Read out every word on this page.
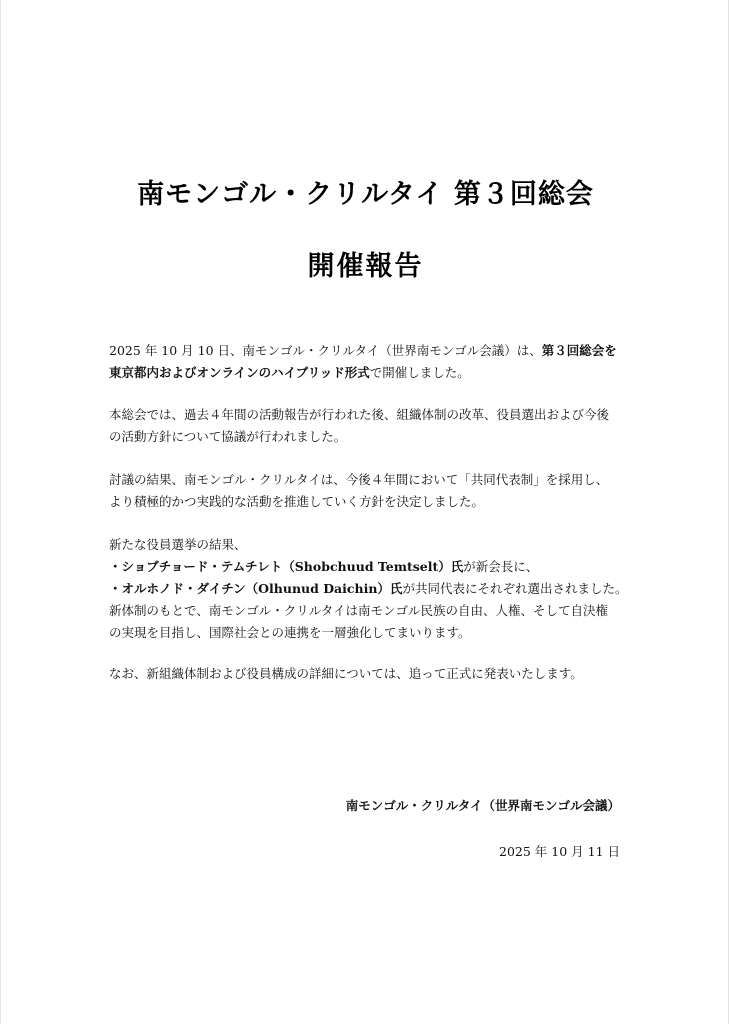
南モンゴル・クリルタイ 第３回総会
開催報告
2025 年 10 月 10 日、南モンゴル・クリルタイ（世界南モンゴル会議）は、第３回総会を
東京都内およびオンラインのハイブリッド形式で開催しました。
本総会では、過去４年間の活動報告が行われた後、組織体制の改革、役員選出および今後
の活動方針について協議が行われました。
討議の結果、南モンゴル・クリルタイは、今後４年間において「共同代表制」を採用し、
より積極的かつ実践的な活動を推進していく方針を決定しました。
新たな役員選挙の結果、
・ショブチョード・テムチレト（Shobchuud Temtselt）氏が新会長に、
・オルホノド・ダイチン（Olhunud Daichin）氏が共同代表にそれぞれ選出されました。
新体制のもとで、南モンゴル・クリルタイは南モンゴル民族の自由、人権、そして自決権
の実現を目指し、国際社会との連携を一層強化してまいります。
なお、新組織体制および役員構成の詳細については、追って正式に発表いたします。
南モンゴル・クリルタイ（世界南モンゴル会議）
2025 年 10 月 11 日
